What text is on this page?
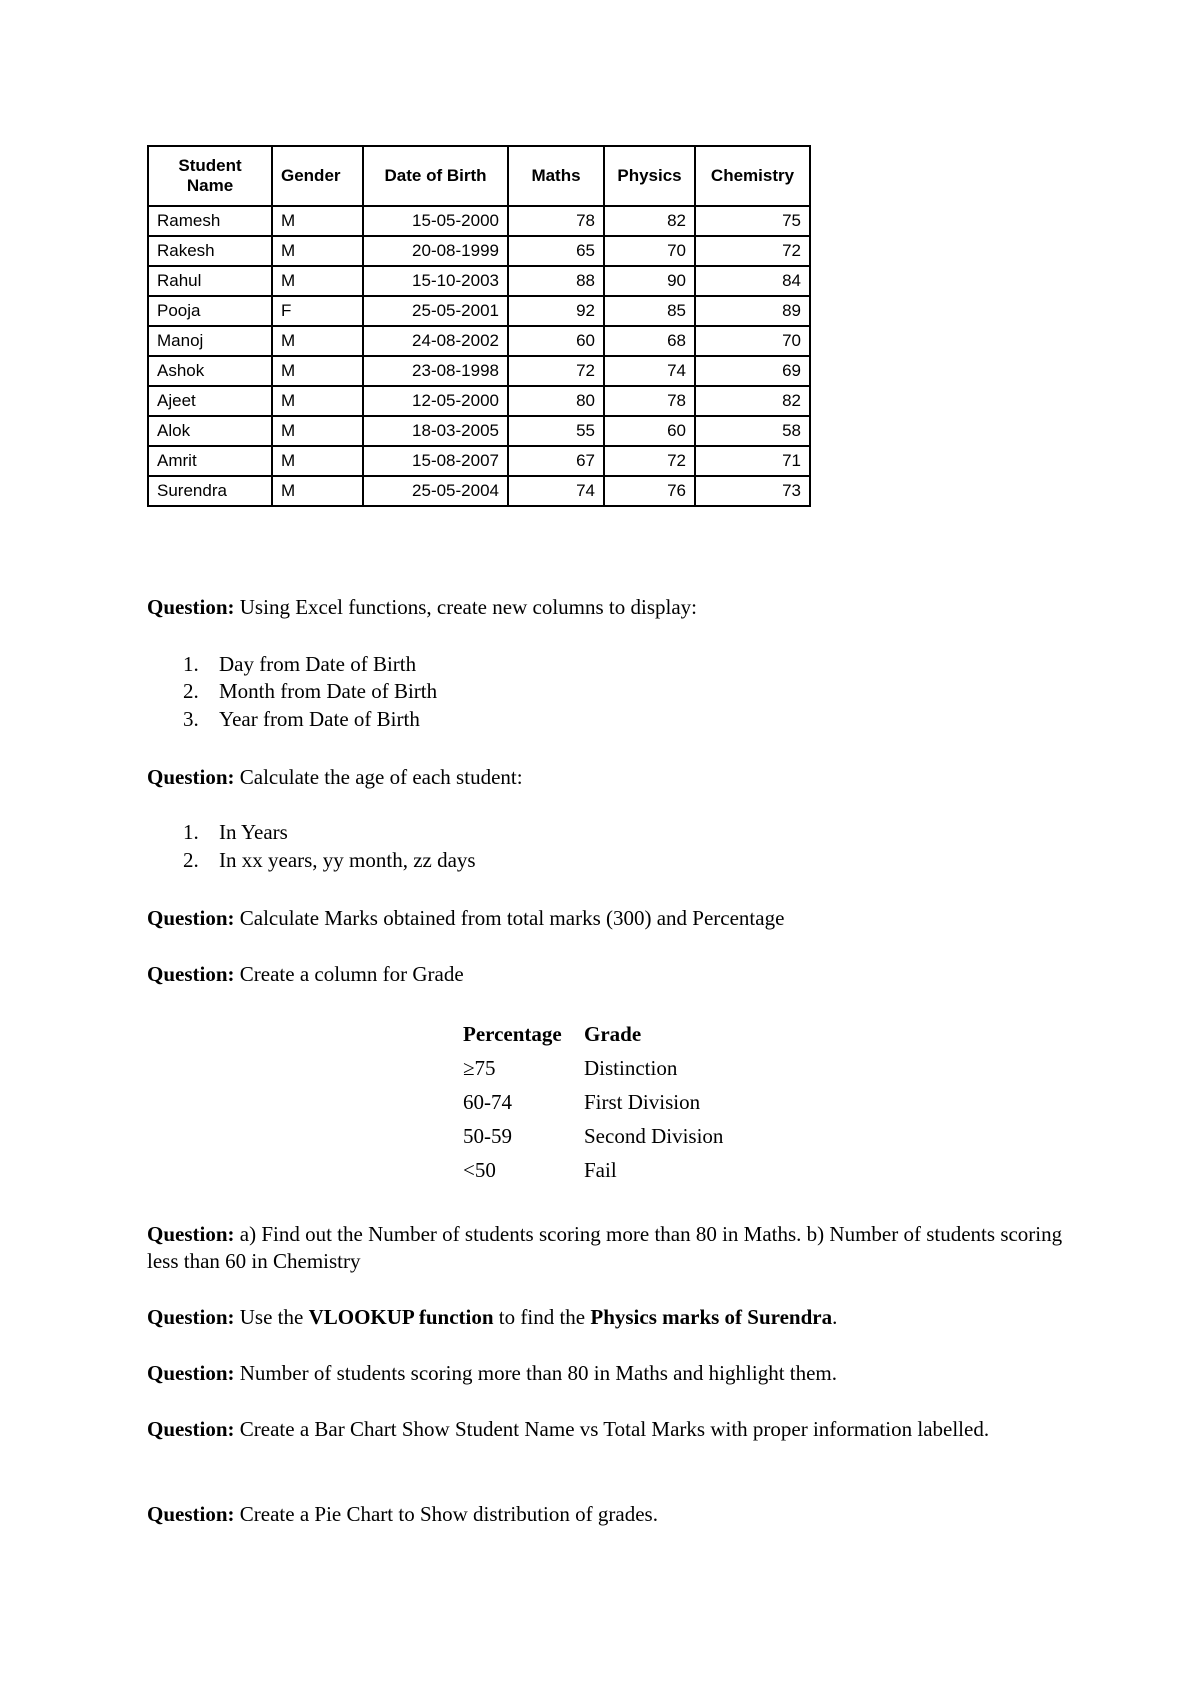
Student Name	Gender	Date of Birth	Maths	Physics	Chemistry
Ramesh	M	15-05-2000	78	82	75
Rakesh	M	20-08-1999	65	70	72
Rahul	M	15-10-2003	88	90	84
Pooja	F	25-05-2001	92	85	89
Manoj	M	24-08-2002	60	68	70
Ashok	M	23-08-1998	72	74	69
Ajeet	M	12-05-2000	80	78	82
Alok	M	18-03-2005	55	60	58
Amrit	M	15-08-2007	67	72	71
Surendra	M	25-05-2004	74	76	73
Question: Using Excel functions, create new columns to display:
1. Day from Date of Birth
2. Month from Date of Birth
3. Year from Date of Birth
Question: Calculate the age of each student:
1. In Years
2. In xx years, yy month, zz days
Question: Calculate Marks obtained from total marks (300) and Percentage
Question: Create a column for Grade
Percentage Grade
≥75	Distinction
60-74	First Division
50-59	Second Division
<50	Fail
Question: a) Find out the Number of students scoring more than 80 in Maths. b) Number of students scoring less than 60 in Chemistry
Question: Use the VLOOKUP function to find the Physics marks of Surendra.
Question: Number of students scoring more than 80 in Maths and highlight them.
Question: Create a Bar Chart Show Student Name vs Total Marks with proper information labelled.
Question: Create a Pie Chart to Show distribution of grades.
